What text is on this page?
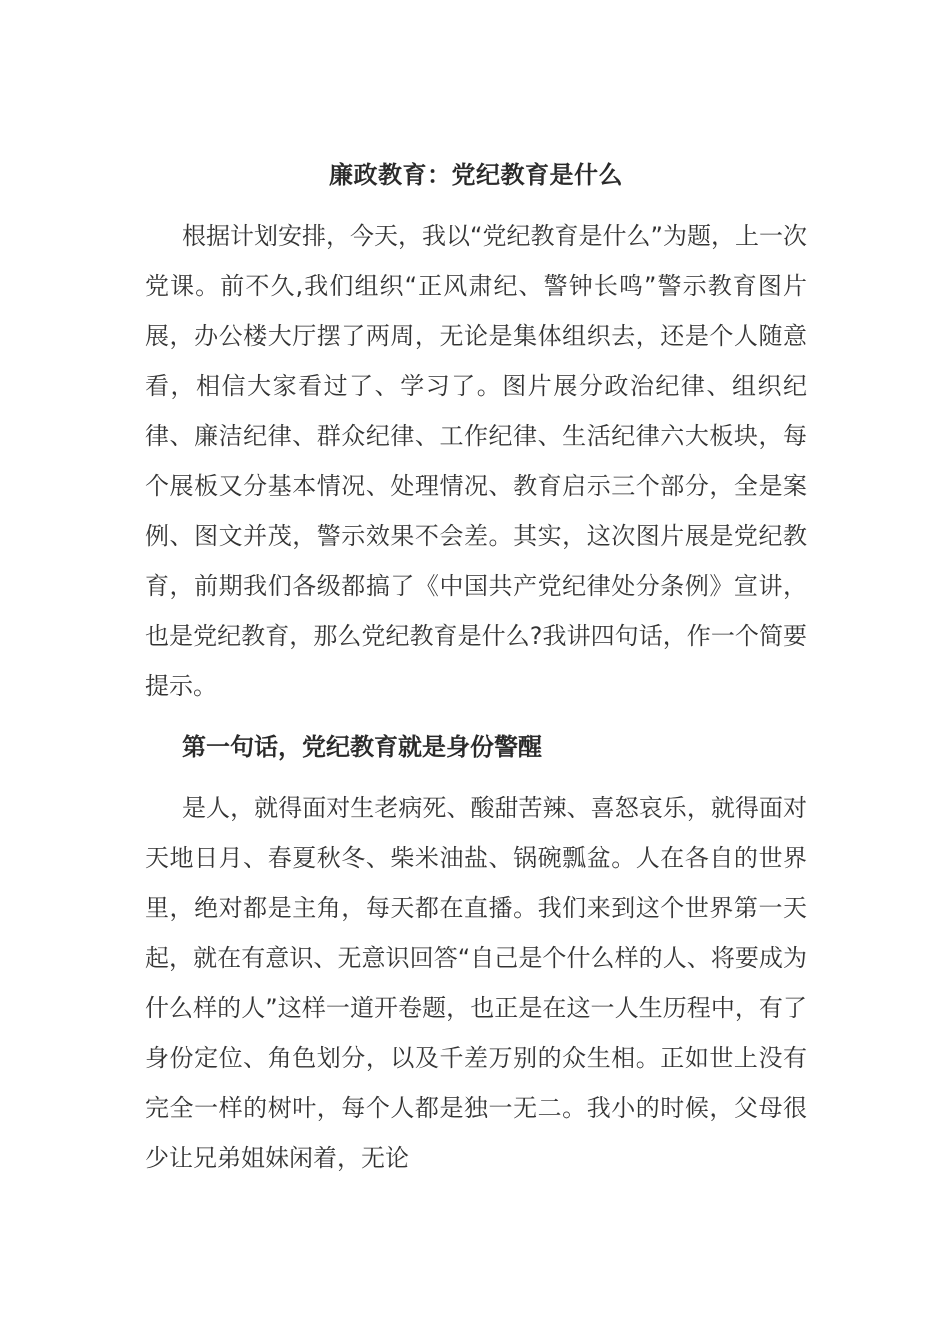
廉政教育：党纪教育是什么

根据计划安排，今天，我以“党纪教育是什么”为题，上一次党课。前不久,我们组织“正风肃纪、警钟长鸣”警示教育图片展，办公楼大厅摆了两周，无论是集体组织去，还是个人随意看，相信大家看过了、学习了。图片展分政治纪律、组织纪律、廉洁纪律、群众纪律、工作纪律、生活纪律六大板块，每个展板又分基本情况、处理情况、教育启示三个部分，全是案例、图文并茂，警示效果不会差。其实，这次图片展是党纪教育，前期我们各级都搞了《中国共产党纪律处分条例》宣讲，也是党纪教育，那么党纪教育是什么?我讲四句话，作一个简要提示。

第一句话，党纪教育就是身份警醒

是人，就得面对生老病死、酸甜苦辣、喜怒哀乐，就得面对天地日月、春夏秋冬、柴米油盐、锅碗瓢盆。人在各自的世界里，绝对都是主角，每天都在直播。我们来到这个世界第一天起，就在有意识、无意识回答“自己是个什么样的人、将要成为什么样的人”这样一道开卷题，也正是在这一人生历程中，有了身份定位、角色划分，以及千差万别的众生相。正如世上没有完全一样的树叶，每个人都是独一无二。我小的时候，父母很少让兄弟姐妹闲着，无论
